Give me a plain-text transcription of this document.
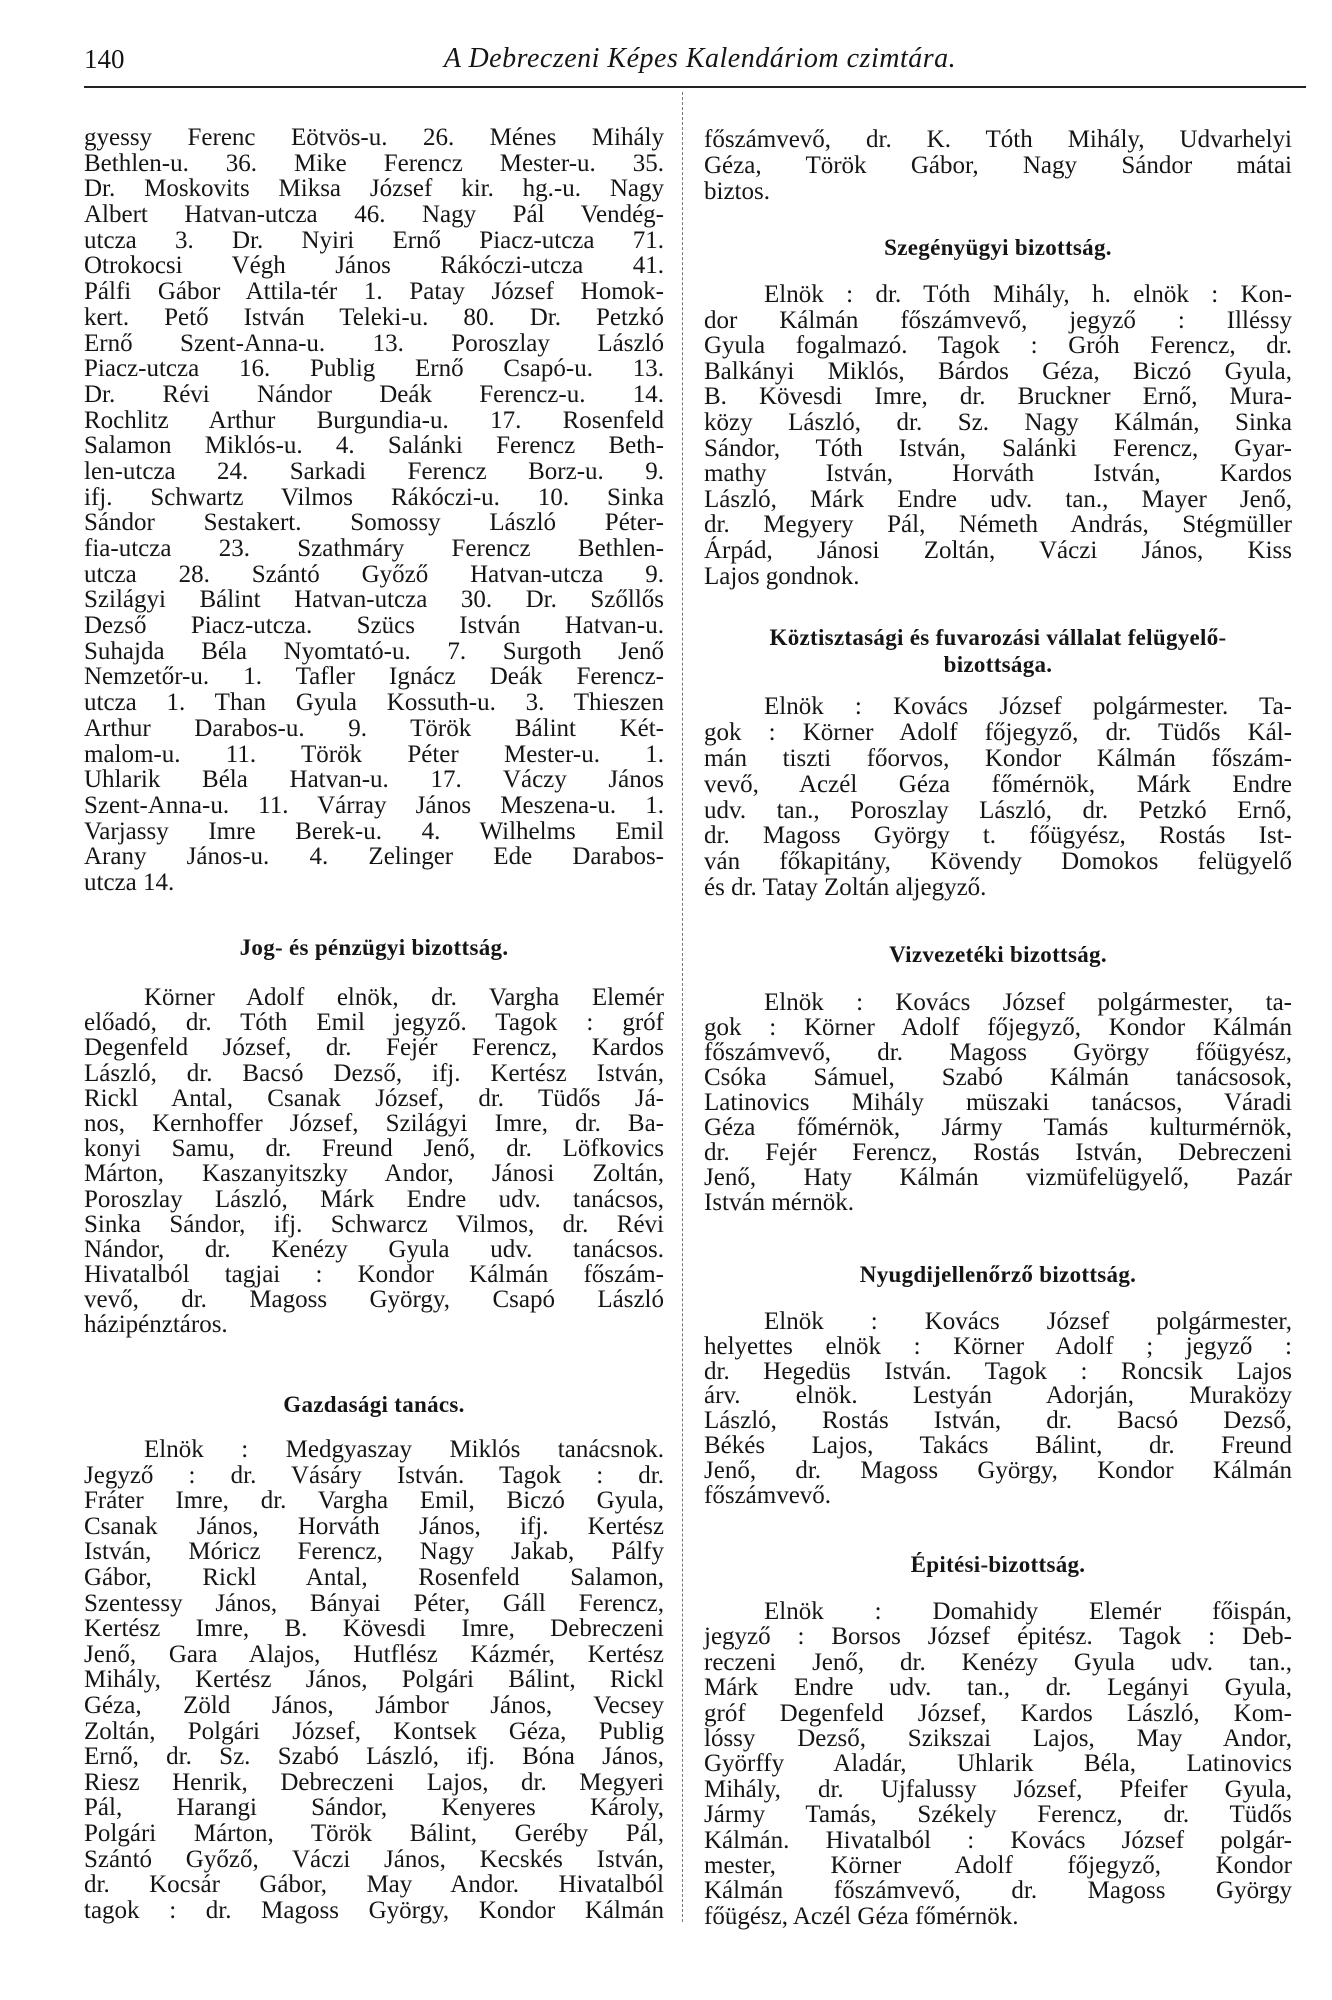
140	A Debreczeni Képes Kalendáriom czimtára.
gyessy Ferenc Eötvös-u. 26. Ménes Mihály
Bethlen-u. 36. Mike Ferencz Mester-u. 35.
Dr. Moskovits Miksa József kir. hg.-u. Nagy
Albert Hatvan-utcza 46. Nagy Pál Vendég-
utcza 3. Dr. Nyiri Ernő Piacz-utcza 71.
Otrokocsi Végh János Rákóczi-utcza 41.
Pálfi Gábor Attila-tér 1. Patay József Homok-
kert. Pető István Teleki-u. 80. Dr. Petzkó
Ernő Szent-Anna-u. 13. Poroszlay László
Piacz-utcza 16. Publig Ernő Csapó-u. 13.
Dr. Révi Nándor Deák Ferencz-u. 14.
Rochlitz Arthur Burgundia-u. 17. Rosenfeld
Salamon Miklós-u. 4. Salánki Ferencz Beth-
len-utcza 24. Sarkadi Ferencz Borz-u. 9.
ifj. Schwartz Vilmos Rákóczi-u. 10. Sinka
Sándor Sestakert. Somossy László Péter-
fia-utcza 23. Szathmáry Ferencz Bethlen-
utcza 28. Szántó Győző Hatvan-utcza 9.
Szilágyi Bálint Hatvan-utcza 30. Dr. Szőllős
Dezső Piacz-utcza. Szücs István Hatvan-u.
Suhajda Béla Nyomtató-u. 7. Surgoth Jenő
Nemzetőr-u. 1. Tafler Ignácz Deák Ferencz-
utcza 1. Than Gyula Kossuth-u. 3. Thieszen
Arthur Darabos-u. 9. Török Bálint Két-
malom-u. 11. Török Péter Mester-u. 1.
Uhlarik Béla Hatvan-u. 17. Váczy János
Szent-Anna-u. 11. Várray János Meszena-u. 1.
Varjassy Imre Berek-u. 4. Wilhelms Emil
Arany János-u. 4. Zelinger Ede Darabos-
utcza 14.
Jog- és pénzügyi bizottság.
Körner Adolf elnök, dr. Vargha Elemér
előadó, dr. Tóth Emil jegyző. Tagok : gróf
Degenfeld József, dr. Fejér Ferencz, Kardos
László, dr. Bacsó Dezső, ifj. Kertész István,
Rickl Antal, Csanak József, dr. Tüdős Já-
nos, Kernhoffer József, Szilágyi Imre, dr. Ba-
konyi Samu, dr. Freund Jenő, dr. Löfkovics
Márton, Kaszanyitszky Andor, Jánosi Zoltán,
Poroszlay László, Márk Endre udv. tanácsos,
Sinka Sándor, ifj. Schwarcz Vilmos, dr. Révi
Nándor, dr. Kenézy Gyula udv. tanácsos.
Hivatalból tagjai : Kondor Kálmán főszám-
vevő, dr. Magoss György, Csapó László
házipénztáros.
Gazdasági tanács.
Elnök : Medgyaszay Miklós tanácsnok.
Jegyző : dr. Vásáry István. Tagok : dr.
Fráter Imre, dr. Vargha Emil, Biczó Gyula,
Csanak János, Horváth János, ifj. Kertész
István, Móricz Ferencz, Nagy Jakab, Pálfy
Gábor, Rickl Antal, Rosenfeld Salamon,
Szentessy János, Bányai Péter, Gáll Ferencz,
Kertész Imre, B. Kövesdi Imre, Debreczeni
Jenő, Gara Alajos, Hutflész Kázmér, Kertész
Mihály, Kertész János, Polgári Bálint, Rickl
Géza, Zöld János, Jámbor János, Vecsey
Zoltán, Polgári József, Kontsek Géza, Publig
Ernő, dr. Sz. Szabó László, ifj. Bóna János,
Riesz Henrik, Debreczeni Lajos, dr. Megyeri
Pál, Harangi Sándor, Kenyeres Károly,
Polgári Márton, Török Bálint, Geréby Pál,
Szántó Győző, Váczi János, Kecskés István,
dr. Kocsár Gábor, May Andor. Hivatalból
tagok : dr. Magoss György, Kondor Kálmán
főszámvevő, dr. K. Tóth Mihály, Udvarhelyi
Géza, Török Gábor, Nagy Sándor mátai
biztos.
Szegényügyi bizottság.
Elnök : dr. Tóth Mihály, h. elnök : Kon-
dor Kálmán főszámvevő, jegyző : Illéssy
Gyula fogalmazó. Tagok : Gróh Ferencz, dr.
Balkányi Miklós, Bárdos Géza, Biczó Gyula,
B. Kövesdi Imre, dr. Bruckner Ernő, Mura-
közy László, dr. Sz. Nagy Kálmán, Sinka
Sándor, Tóth István, Salánki Ferencz, Gyar-
mathy István, Horváth István, Kardos
László, Márk Endre udv. tan., Mayer Jenő,
dr. Megyery Pál, Németh András, Stégmüller
Árpád, Jánosi Zoltán, Váczi János, Kiss
Lajos gondnok.
Köztisztasági és fuvarozási vállalat felügyelő-
bizottsága.
Elnök : Kovács József polgármester. Ta-
gok : Körner Adolf főjegyző, dr. Tüdős Kál-
mán tiszti főorvos, Kondor Kálmán főszám-
vevő, Aczél Géza főmérnök, Márk Endre
udv. tan., Poroszlay László, dr. Petzkó Ernő,
dr. Magoss György t. főügyész, Rostás Ist-
ván főkapitány, Kövendy Domokos felügyelő
és dr. Tatay Zoltán aljegyző.
Vizvezetéki bizottság.
Elnök : Kovács József polgármester, ta-
gok : Körner Adolf főjegyző, Kondor Kálmán
főszámvevő, dr. Magoss György főügyész,
Csóka Sámuel, Szabó Kálmán tanácsosok,
Latinovics Mihály müszaki tanácsos, Váradi
Géza főmérnök, Jármy Tamás kulturmérnök,
dr. Fejér Ferencz, Rostás István, Debreczeni
Jenő, Haty Kálmán vizmüfelügyelő, Pazár
István mérnök.
Nyugdijellenőrző bizottság.
Elnök : Kovács József polgármester,
helyettes elnök : Körner Adolf ; jegyző :
dr. Hegedüs István. Tagok : Roncsik Lajos
árv. elnök. Lestyán Adorján, Muraközy
László, Rostás István, dr. Bacsó Dezső,
Békés Lajos, Takács Bálint, dr. Freund
Jenő, dr. Magoss György, Kondor Kálmán
főszámvevő.
Épitési-bizottság.
Elnök : Domahidy Elemér főispán,
jegyző : Borsos József épitész. Tagok : Deb-
reczeni Jenő, dr. Kenézy Gyula udv. tan.,
Márk Endre udv. tan., dr. Legányi Gyula,
gróf Degenfeld József, Kardos László, Kom-
lóssy Dezső, Szikszai Lajos, May Andor,
Györffy Aladár, Uhlarik Béla, Latinovics
Mihály, dr. Ujfalussy József, Pfeifer Gyula,
Jármy Tamás, Székely Ferencz, dr. Tüdős
Kálmán. Hivatalból : Kovács József polgár-
mester, Körner Adolf főjegyző, Kondor
Kálmán főszámvevő, dr. Magoss György
főügész, Aczél Géza főmérnök.
